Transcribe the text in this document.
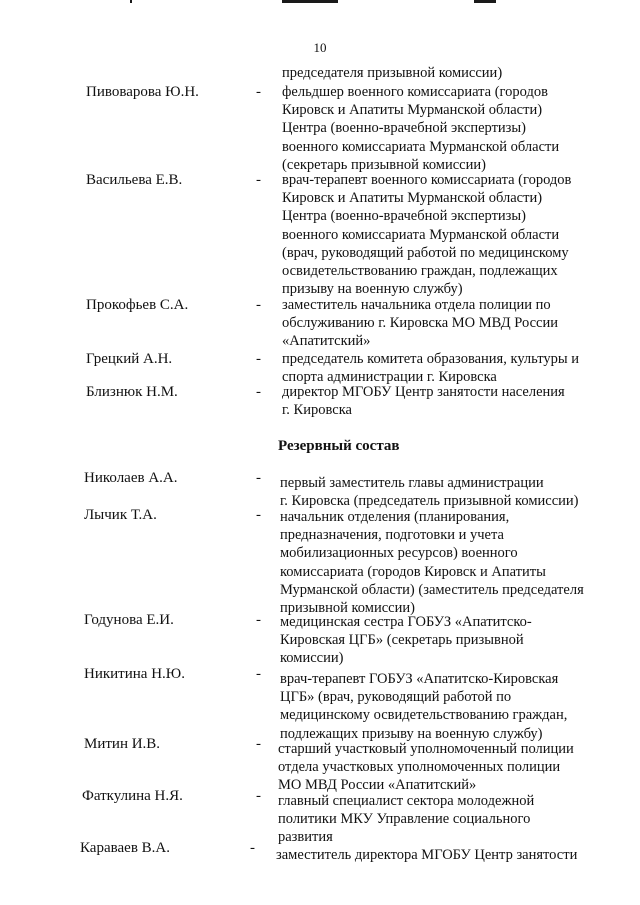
10
председателя призывной комиссии)
Пивоварова Ю.Н.	- фельдшер военного комиссариата (городов
Кировск и Апатиты Мурманской области)
Центра (военно-врачебной экспертизы)
военного комиссариата Мурманской области
(секретарь призывной комиссии)
Васильева Е.В.	- врач-терапевт военного комиссариата (городов
Кировск и Апатиты Мурманской области)
Центра (военно-врачебной экспертизы)
военного комиссариата Мурманской области
(врач, руководящий работой по медицинскому
освидетельствованию граждан, подлежащих
призыву на военную службу)
Прокофьев С.А.	- заместитель начальника отдела полиции по
обслуживанию г. Кировска МО МВД России
«Апатитский»
Грецкий А.Н.	- председатель комитета образования, культуры и
спорта администрации г. Кировска
Близнюк Н.М.	- директор МГОБУ Центр занятости населения
г. Кировска
Резервный состав
Николаев А.А.	- первый заместитель главы администрации
г. Кировска (председатель призывной комиссии)
Лычик Т.А.	- начальник отделения (планирования,
предназначения, подготовки и учета
мобилизационных ресурсов) военного
комиссариата (городов Кировск и Апатиты
Мурманской области) (заместитель председателя
призывной комиссии)
Годунова Е.И.	- медицинская сестра ГОБУЗ «Апатитско-
Кировская ЦГБ» (секретарь призывной
комиссии)
Никитина Н.Ю.	- врач-терапевт ГОБУЗ «Апатитско-Кировская
ЦГБ» (врач, руководящий работой по
медицинскому освидетельствованию граждан,
подлежащих призыву на военную службу)
Митин И.В.	- старший участковый уполномоченный полиции
отдела участковых уполномоченных полиции
МО МВД России «Апатитский»
Фаткулина Н.Я.	- главный специалист сектора молодежной
политики МКУ Управление социального
развития
Караваев В.А.	- заместитель директора МГОБУ Центр занятости
